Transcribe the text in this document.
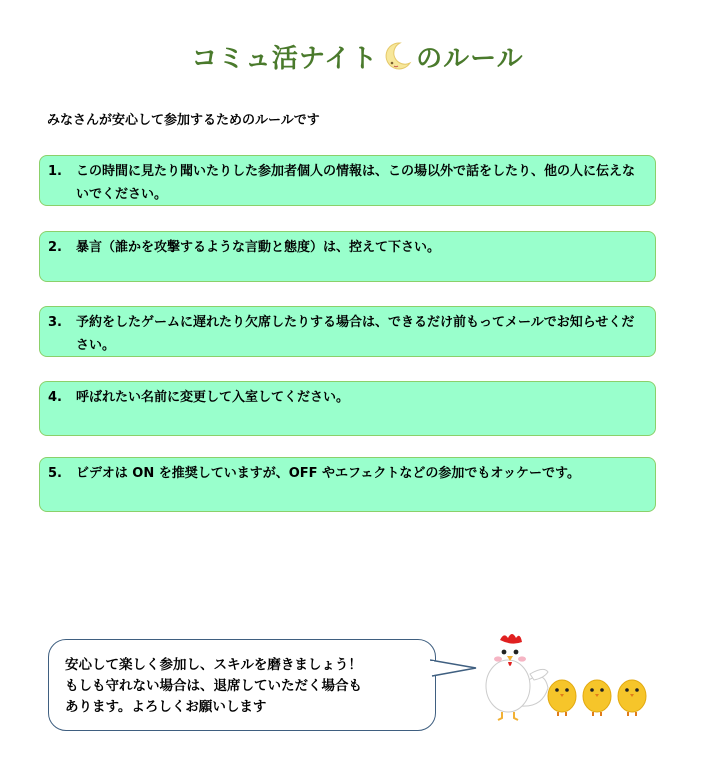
コミュ活ナイト のルール
みなさんが安心して参加するためのルールです
1.	この時間に見たり聞いたりした参加者個人の情報は、この場以外で話をしたり、他の人に伝えないでください。
2.	暴言（誰かを攻撃するような言動と態度）は、控えて下さい。
3.	予約をしたゲームに遅れたり欠席したりする場合は、できるだけ前もってメールでお知らせください。
4.	呼ばれたい名前に変更して入室してください。
5.	ビデオは ON を推奨していますが、OFF やエフェクトなどの参加でもオッケーです。
安心して楽しく参加し、スキルを磨きましょう！
もしも守れない場合は、退席していただく場合も
あります。よろしくお願いします
